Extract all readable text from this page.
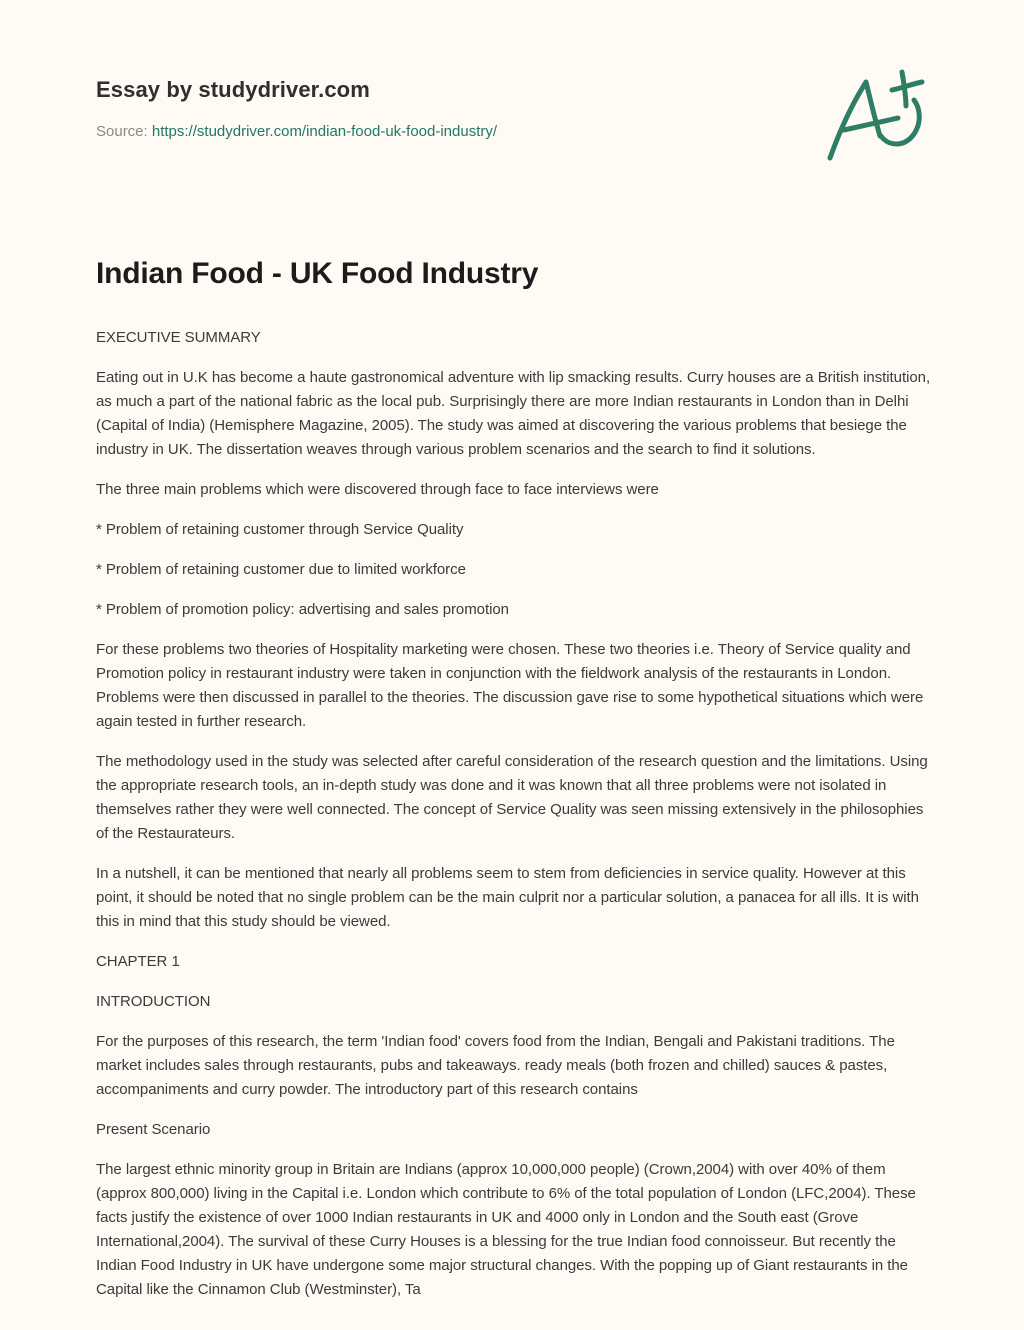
Essay by studydriver.com
Source: https://studydriver.com/indian-food-uk-food-industry/
Indian Food - UK Food Industry

EXECUTIVE SUMMARY

Eating out in U.K has become a haute gastronomical adventure with lip smacking results. Curry houses are a British institution, as much a part of the national fabric as the local pub. Surprisingly there are more Indian restaurants in London than in Delhi (Capital of India) (Hemisphere Magazine, 2005). The study was aimed at discovering the various problems that besiege the industry in UK. The dissertation weaves through various problem scenarios and the search to find it solutions.

The three main problems which were discovered through face to face interviews were

* Problem of retaining customer through Service Quality

* Problem of retaining customer due to limited workforce

* Problem of promotion policy: advertising and sales promotion

For these problems two theories of Hospitality marketing were chosen. These two theories i.e. Theory of Service quality and Promotion policy in restaurant industry were taken in conjunction with the fieldwork analysis of the restaurants in London. Problems were then discussed in parallel to the theories. The discussion gave rise to some hypothetical situations which were again tested in further research.

The methodology used in the study was selected after careful consideration of the research question and the limitations. Using the appropriate research tools, an in-depth study was done and it was known that all three problems were not isolated in themselves rather they were well connected. The concept of Service Quality was seen missing extensively in the philosophies of the Restaurateurs.

In a nutshell, it can be mentioned that nearly all problems seem to stem from deficiencies in service quality. However at this point, it should be noted that no single problem can be the main culprit nor a particular solution, a panacea for all ills. It is with this in mind that this study should be viewed.

CHAPTER 1

INTRODUCTION

For the purposes of this research, the term 'Indian food' covers food from the Indian, Bengali and Pakistani traditions. The market includes sales through restaurants, pubs and takeaways. ready meals (both frozen and chilled) sauces & pastes, accompaniments and curry powder. The introductory part of this research contains

Present Scenario

The largest ethnic minority group in Britain are Indians (approx 10,000,000 people) (Crown,2004) with over 40% of them (approx 800,000) living in the Capital i.e. London which contribute to 6% of the total population of London (LFC,2004). These facts justify the existence of over 1000 Indian restaurants in UK and 4000 only in London and the South east (Grove International,2004). The survival of these Curry Houses is a blessing for the true Indian food connoisseur. But recently the Indian Food Industry in UK have undergone some major structural changes. With the popping up of Giant restaurants in the Capital like the Cinnamon Club (Westminster), Ta
